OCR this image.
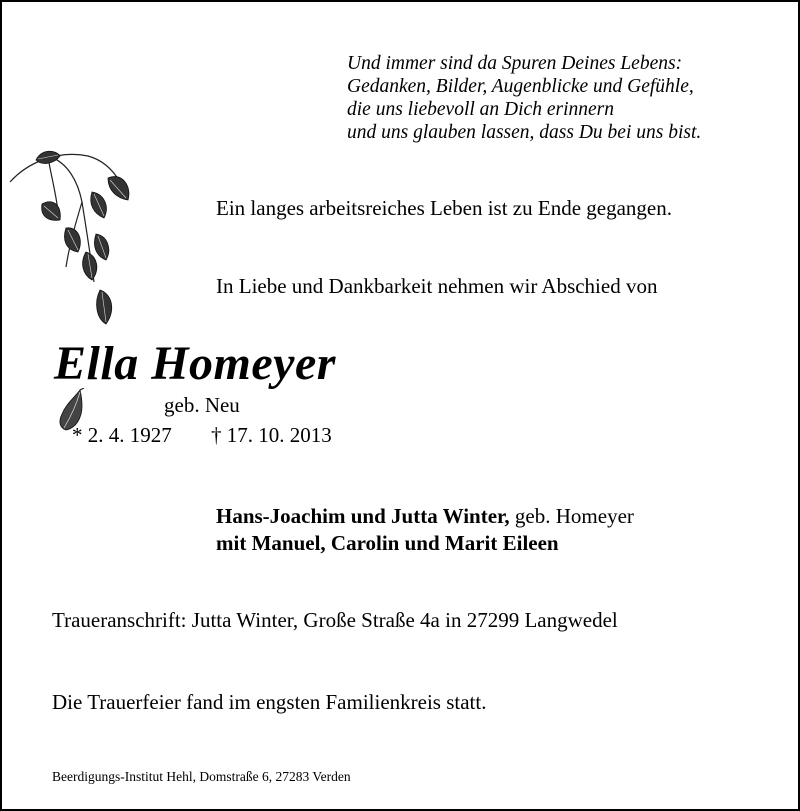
Und immer sind da Spuren Deines Lebens:
Gedanken, Bilder, Augenblicke und Gefühle,
die uns liebevoll an Dich erinnern
und uns glauben lassen, dass Du bei uns bist.
Ein langes arbeitsreiches Leben ist zu Ende gegangen.
In Liebe und Dankbarkeit nehmen wir Abschied von
Ella Homeyer
geb. Neu
* 2. 4. 1927 † 17. 10. 2013
Hans-Joachim und Jutta Winter, geb. Homeyer
mit Manuel, Carolin und Marit Eileen
Traueranschrift: Jutta Winter, Große Straße 4a in 27299 Langwedel
Die Trauerfeier fand im engsten Familienkreis statt.
Beerdigungs-Institut Hehl, Domstraße 6, 27283 Verden
